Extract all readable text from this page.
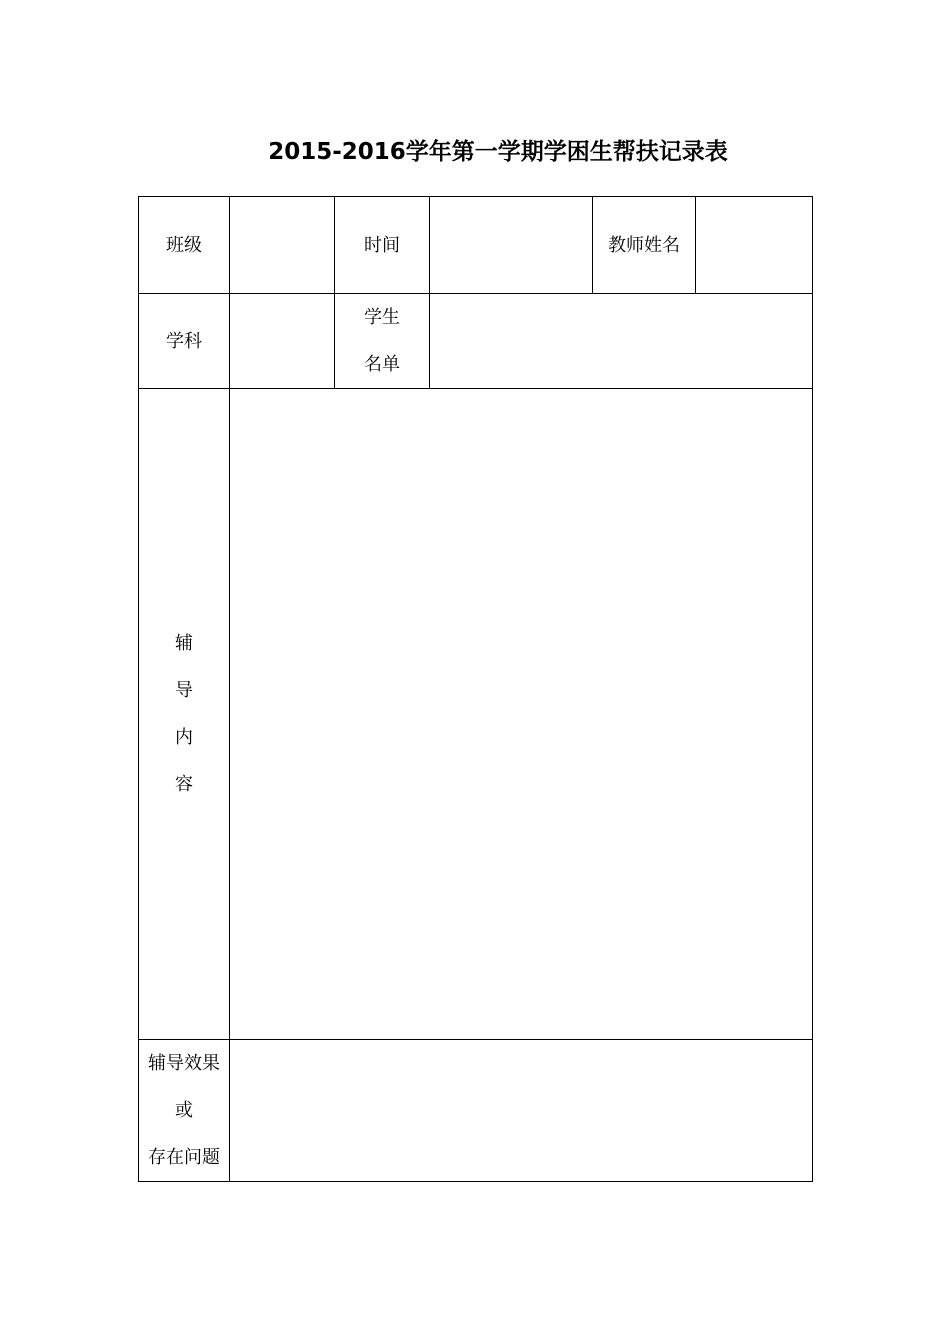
2015-2016学年第一学期学困生帮扶记录表
班级		时间		教师姓名	
学科		学生
名单			

辅
导
内
容					

辅导效果
或
存在问题					
